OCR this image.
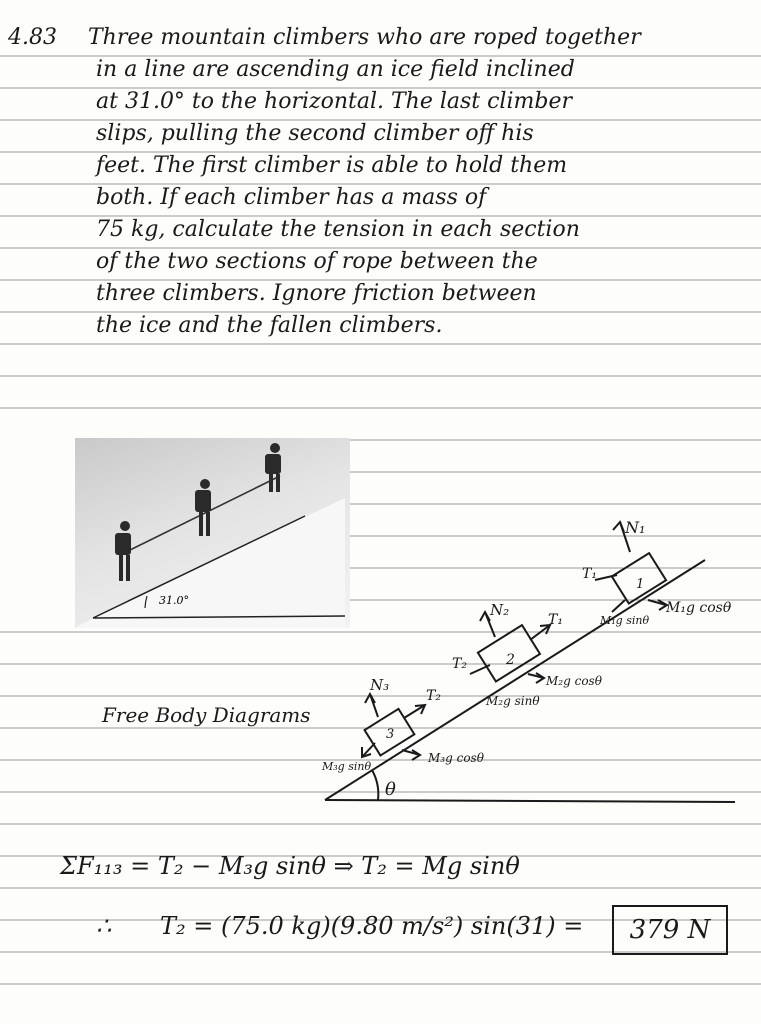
4.83 Three mountain climbers who are roped together
in a line are ascending an ice field inclined
at 31.0° to the horizontal. The last climber
slips, pulling the second climber off his
feet. The first climber is able to hold them
both. If each climber has a mass of
75 kg, calculate the tension in each section
of the two sections of rope between the
three climbers. Ignore friction between
the ice and the fallen climbers.
31.0°
N₁
T₁
M₁g cosθ
M₁g sinθ
1
N₂
T₁
T₂
M₂g cosθ
M₂g sinθ
2
N₃
T₂
M₃g cosθ
M₃g sinθ
3
θ
Free Body Diagrams
ΣF₁₁₃ = T₂ − M₃g sinθ ⇒ T₂ = Mg sinθ
∴ T₂ = (75.0 kg)(9.80 m/s²) sin(31) =	379 N
